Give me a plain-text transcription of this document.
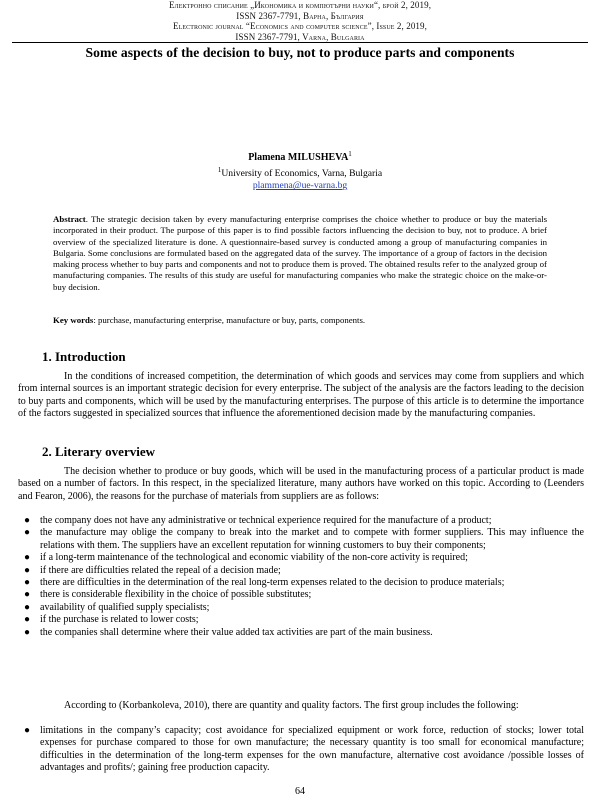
Електронно списание „Икономика и компютърни науки“, брой 2, 2019,
ISSN 2367-7791, Варна, България
Electronic journal “Economics and computer science”, Issue 2, 2019,
ISSN 2367-7791, Varna, Bulgaria
Some aspects of the decision to buy, not to produce parts and components
Plamena MILUSHEVA$^1$
$^1$University of Economics, Varna, Bulgaria
plammena@ue-varna.bg
Abstract. The strategic decision taken by every manufacturing enterprise comprises the choice whether to produce or buy the materials incorporated in their product. The purpose of this paper is to find possible factors influencing the decision to buy, not to produce. A brief overview of the specialized literature is done. A questionnaire-based survey is conducted among a group of manufacturing companies in Bulgaria. Some conclusions are formulated based on the aggregated data of the survey. The importance of a group of factors in the decision making process whether to buy parts and components and not to produce them is proved. The obtained results refer to the analyzed group of manufacturing companies. The results of this study are useful for manufacturing companies who make the strategic choice on the make-or-buy decision.
Key words: purchase, manufacturing enterprise, manufacture or buy, parts, components.
1. Introduction
In the conditions of increased competition, the determination of which goods and services may come from suppliers and which from internal sources is an important strategic decision for every enterprise. The subject of the analysis are the factors leading to the decision to buy parts and components, which will be used by the manufacturing enterprises. The purpose of this article is to determine the importance of the factors suggested in specialized sources that influence the aforementioned decision made by the manufacturing companies.
2. Literary overview
The decision whether to produce or buy goods, which will be used in the manufacturing process of a particular product is made based on a number of factors. In this respect, in the specialized literature, many authors have worked on this topic. According to (Leenders and Fearon, 2006), the reasons for the purchase of materials from suppliers are as follows:
● the company does not have any administrative or technical experience required for the manufacture of a product;
● the manufacture may oblige the company to break into the market and to compete with former suppliers. This may influence the relations with them. The suppliers have an excellent reputation for winning customers to buy their components;
● if a long-term maintenance of the technological and economic viability of the non-core activity is required;
● if there are difficulties related the repeal of a decision made;
● there are difficulties in the determination of the real long-term expenses related to the decision to produce materials;
● there is considerable flexibility in the choice of possible substitutes;
● availability of qualified supply specialists;
● if the purchase is related to lower costs;
● the companies shall determine where their value added tax activities are part of the main business.
According to (Korbankoleva, 2010), there are quantity and quality factors. The first group includes the following:
● limitations in the company’s capacity; cost avoidance for specialized equipment or work force, reduction of stocks; lower total expenses for purchase compared to those for own manufacture; the necessary quantity is too small for economical manufacture; difficulties in the determination of the long-term expenses for the own manufacture, alternative cost avoidance /possible losses of advantages and profits/; gaining free production capacity.
64
